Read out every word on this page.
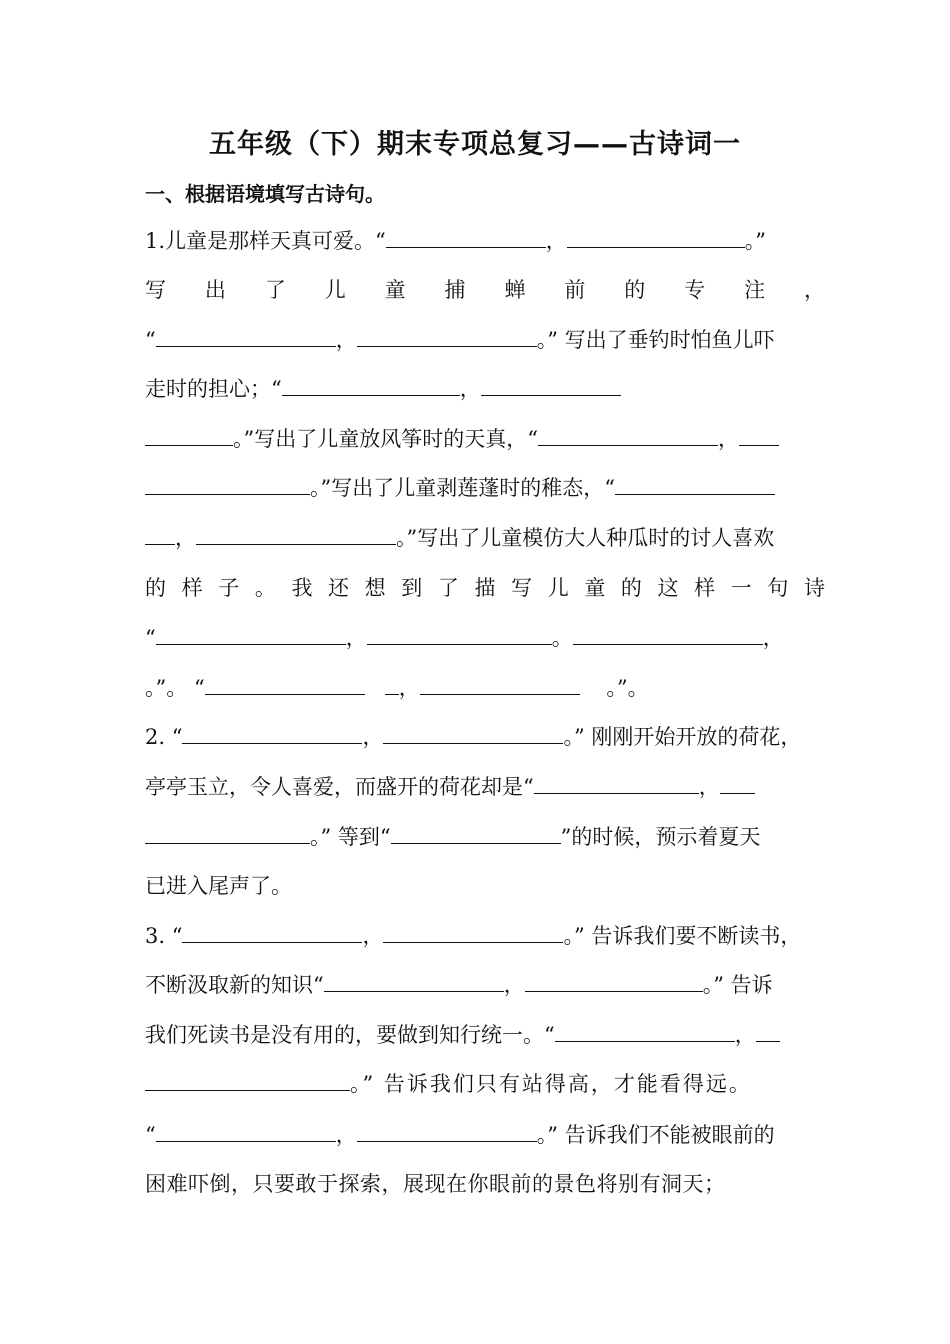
五年级（下）期末专项总复习——古诗词一
一、根据语境填写古诗句。
1.儿童是那样天真可爱。“	，	。”
写 出 了 儿 童 捕 蝉 前 的 专 注 ，
“	，	。” 写出了垂钓时怕鱼儿吓
走时的担心；“	，
。”写出了儿童放风筝时的天真，“	，
。”写出了儿童剥莲蓬时的稚态，“
，	。”写出了儿童模仿大人种瓜时的讨人喜欢
的 样 子 。 我 还 想 到 了 描 写 儿 童 的 这 样 一 句 诗
“	，	。	，
。”。 “	，	。”。
2. “	，	。” 刚刚开始开放的荷花，
亭亭玉立，令人喜爱，而盛开的荷花却是“	，
。” 等到“	”的时候，预示着夏天
已进入尾声了。
3. “	，	。” 告诉我们要不断读书，
不断汲取新的知识“	，	。” 告诉
我们死读书是没有用的，要做到知行统一。“	，
。” 告诉我们只有站得高，才能看得远。
“	，	。” 告诉我们不能被眼前的
困难吓倒，只要敢于探索，展现在你眼前的景色将别有洞天；
